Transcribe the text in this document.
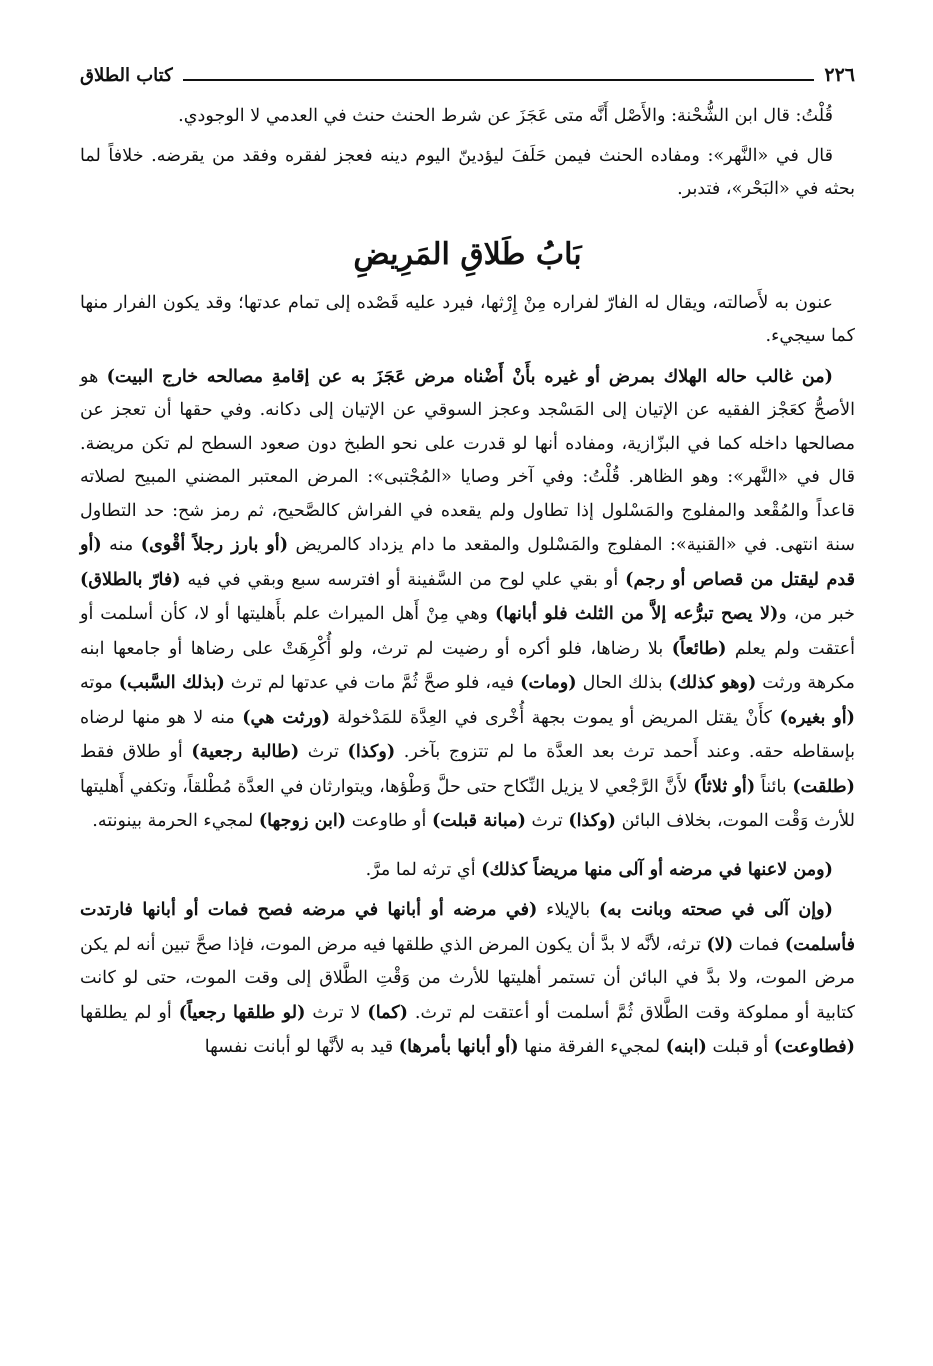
٢٢٦
كتاب الطلاق

قُلْتُ: قال ابن الشُّحْنة: والأَصْل أَنَّه متى عَجَزَ عن شرط الحنث حنث في العدمي لا الوجودي.

قال في «النَّهر»: ومفاده الحنث فيمن حَلَفَ ليؤدينّ اليوم دينه فعجز لفقره وفقد من يقرضه. خلافاً لما بحثه في «البَحْر»، فتدبر.

بَابُ طَلاقِ المَرِيضِ

عنون به لأَصالته، ويقال له الفارّ لفراره مِنْ إِرْثها، فيرد عليه قَصْده إلى تمام عدتها؛ وقد يكون الفرار منها كما سيجيء.

(من غالب حاله الهلاك بمرض أو غيره بأَنْ أَضْناه مرض عَجَزَ به عن إقامةِ مصالحه خارج البيت) هو الأصحُّ كعَجْز الفقيه عن الإتيان إلى المَسْجد وعجز السوقي عن الإتيان إلى دكانه. وفي حقها أن تعجز عن مصالحها داخله كما في البزّازية، ومفاده أنها لو قدرت على نحو الطبخ دون صعود السطح لم تكن مريضة. قال في «النَّهر»: وهو الظاهر. قُلْتُ: وفي آخر وصايا «المُجْتبى»: المرض المعتبر المضني المبيح لصلاته قاعداً والمُقْعد والمفلوج والمَسْلول إذا تطاول ولم يقعده في الفراش كالصَّحيح، ثم رمز شح: حد التطاول سنة انتهى. في «القنية»: المفلوج والمَسْلول والمقعد ما دام يزداد كالمريض (أو بارز رجلاً أقْوى) منه (أو قدم ليقتل من قصاص أو رجم) أو بقي علي لوح من السَّفينة أو افترسه سبع وبقي في فيه (فارّ بالطلاق) خبر من، و(لا يصح تبرُّعه إلاَّ من الثلث فلو أبانها) وهي مِنْ أَهل الميراث علم بأَهليتها أو لا، كأن أسلمت أو أعتقت ولم يعلم (طائعاً) بلا رضاها، فلو أكره أو رضيت لم ترث، ولو أُكْرِهَتْ على رضاها أو جامعها ابنه مكرهة ورثت (وهو كذلك) بذلك الحال (ومات) فيه، فلو صحَّ ثُمَّ مات في عدتها لم ترث (بذلك السَّبب) موته (أو بغيره) كأَنْ يقتل المريض أو يموت بجهة أُخْرى في العِدَّة للمَدْخولة (ورثت هي) منه لا هو منها لرضاه بإسقاطه حقه. وعند أَحمد ترث بعد العدَّة ما لم تتزوج بآخر. (وكذا) ترث (طالبة رجعية) أو طلاق فقط (طلقت) بائناً (أو ثلاثاً) لأَنَّ الرَّجْعي لا يزيل النِّكاح حتى حلَّ وَطْؤها، ويتوارثان في العدَّة مُطْلقاً، وتكفي أَهليتها للأرث وَقْت الموت، بخلاف البائن (وكذا) ترث (مبانة قبلت) أو طاوعت (ابن زوجها) لمجيء الحرمة بينونته.

(ومن لاعنها في مرضه أو آلى منها مريضاً كذلك) أي ترثه لما مرَّ.

(وإن آلى في صحته وبانت به) بالإيلاء (في مرضه أو أبانها في مرضه فصح فمات أو أبانها فارتدت فأسلمت) فمات (لا) ترثه، لأنَّه لا بدَّ أن يكون المرض الذي طلقها فيه مرض الموت، فإذا صحَّ تبين أنه لم يكن مرض الموت، ولا بدَّ في البائن أن تستمر أهليتها للأرث من وَقْتِ الطَّلاق إلى وقت الموت، حتى لو كانت كتابية أو مملوكة وقت الطَّلاق ثُمَّ أسلمت أو أعتقت لم ترث. (كما) لا ترث (لو طلقها رجعياً) أو لم يطلقها (فطاوعت) أو قبلت (ابنه) لمجيء الفرقة منها (أو أبانها بأمرها) قيد به لأنَّها لو أبانت نفسها
